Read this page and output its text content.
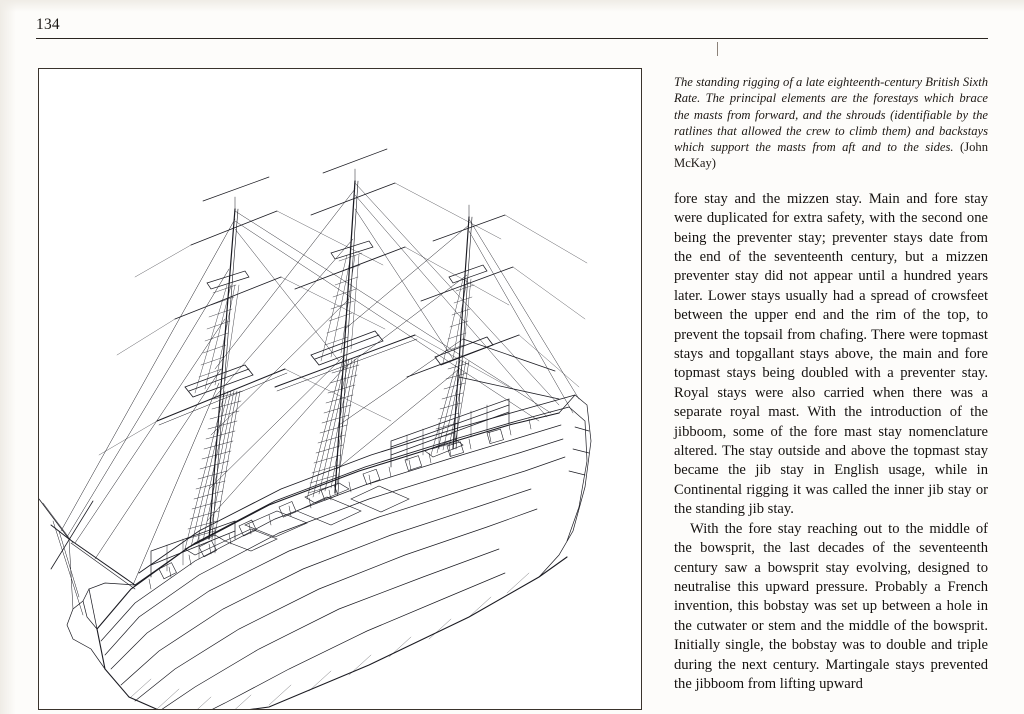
134

The standing rigging of a late eighteenth-century British Sixth Rate. The principal elements are the forestays which brace the masts from forward, and the shrouds (identifiable by the ratlines that allowed the crew to climb them) and backstays which support the masts from aft and to the sides. (John McKay)

fore stay and the mizzen stay. Main and fore stay were duplicated for extra safety, with the second one being the preventer stay; preventer stays date from the end of the seventeenth century, but a mizzen preventer stay did not appear until a hundred years later. Lower stays usually had a spread of crowsfeet between the upper end and the rim of the top, to prevent the topsail from chafing. There were topmast stays and topgallant stays above, the main and fore topmast stays being doubled with a preventer stay. Royal stays were also carried when there was a separate royal mast. With the introduction of the jibboom, some of the fore mast stay nomenclature altered. The stay outside and above the topmast stay became the jib stay in English usage, while in Continental rigging it was called the inner jib stay or the standing jib stay.

With the fore stay reaching out to the middle of the bowsprit, the last decades of the seventeenth century saw a bowsprit stay evolving, designed to neutralise this upward pressure. Probably a French invention, this bobstay was set up between a hole in the cutwater or stem and the middle of the bowsprit. Initially single, the bobstay was to double and triple during the next century. Martingale stays prevented the jibboom from lifting upward
